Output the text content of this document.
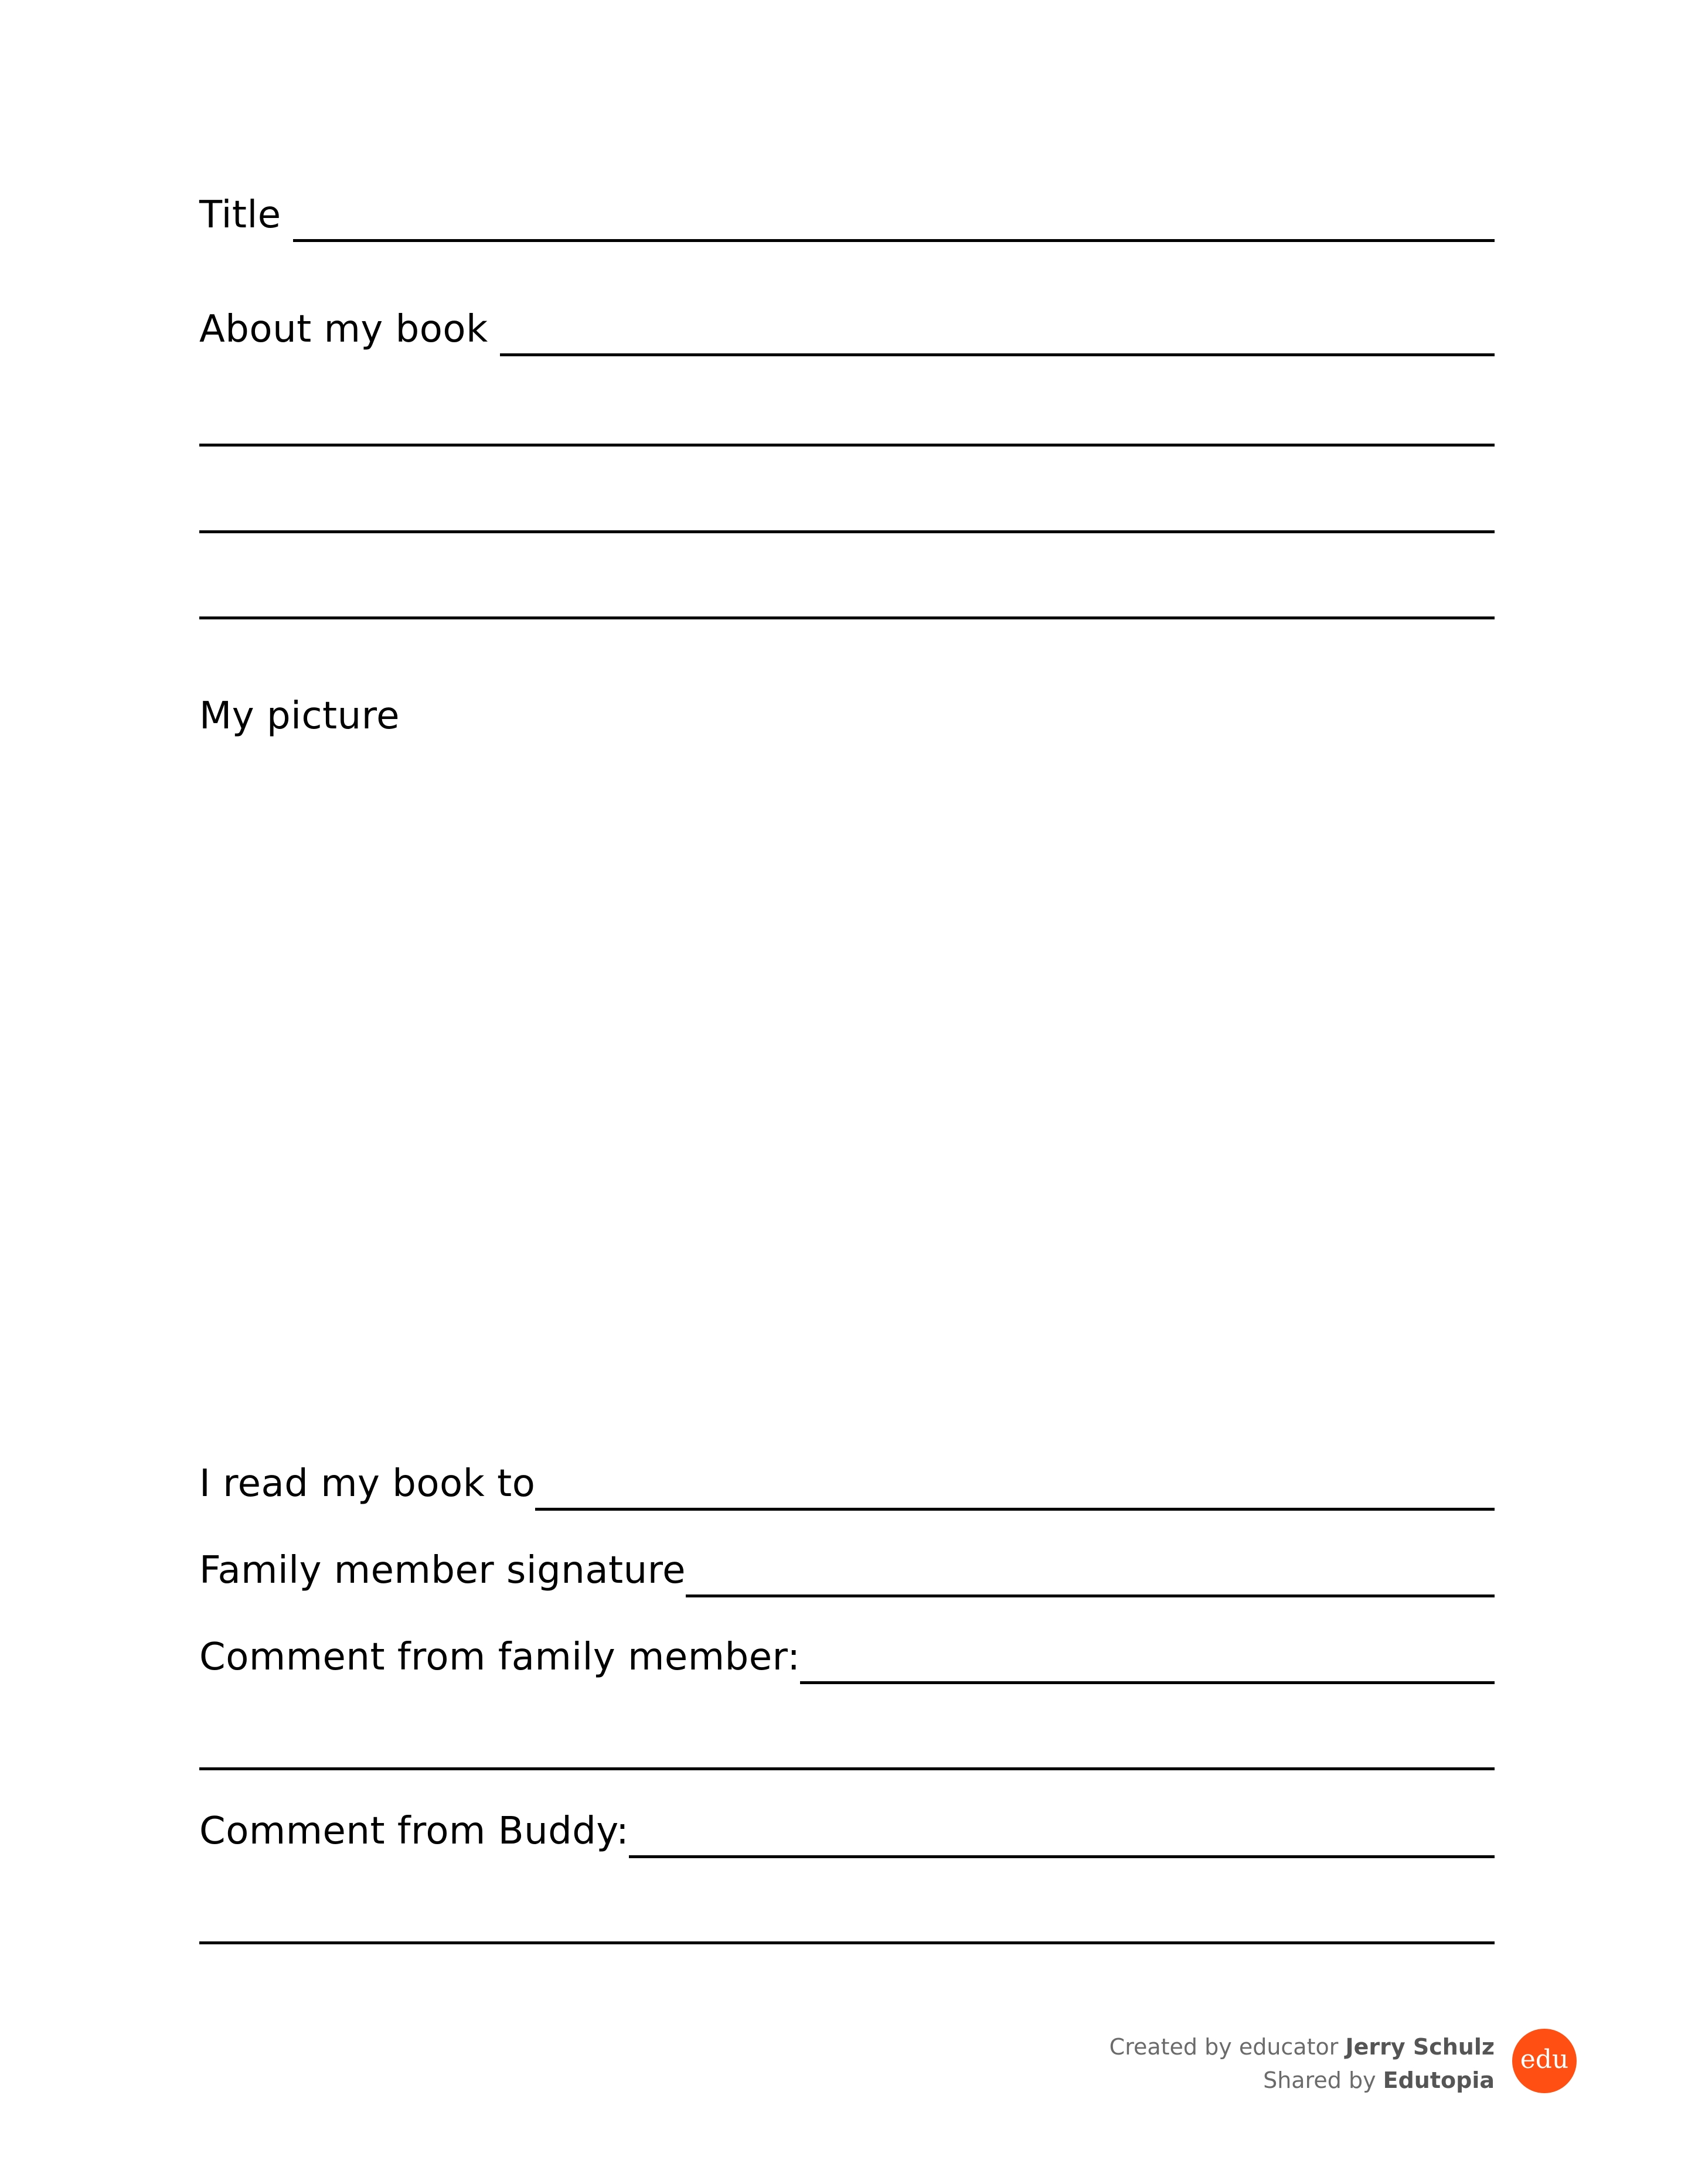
Title
About my book
My picture
I read my book to
Family member signature
Comment from family member:
Comment from Buddy:
Created by educator Jerry Schulz
Shared by Edutopia
edu
